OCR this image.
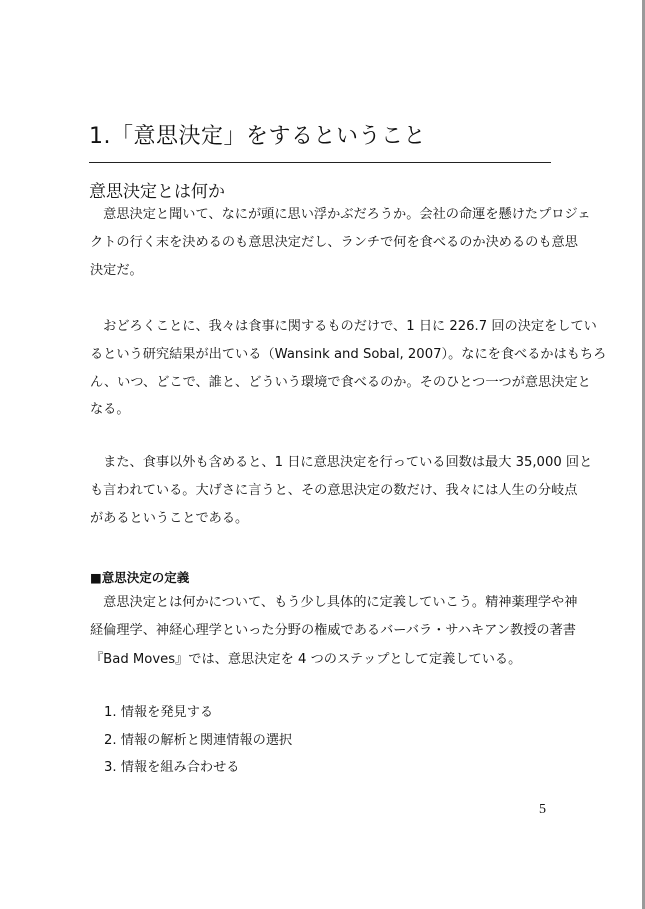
1.「意思決定」をするということ
意思決定とは何か
　意思決定と聞いて、なにが頭に思い浮かぶだろうか。会社の命運を懸けたプロジェ
クトの行く末を決めるのも意思決定だし、ランチで何を食べるのか決めるのも意思
決定だ。
　おどろくことに、我々は食事に関するものだけで、1 日に 226.7 回の決定をしてい
るという研究結果が出ている（Wansink and Sobal, 2007）。なにを食べるかはもちろ
ん、いつ、どこで、誰と、どういう環境で食べるのか。そのひとつ一つが意思決定と
なる。
　また、食事以外も含めると、1 日に意思決定を行っている回数は最大 35,000 回と
も言われている。大げさに言うと、その意思決定の数だけ、我々には人生の分岐点
があるということである。
■意思決定の定義
　意思決定とは何かについて、もう少し具体的に定義していこう。精神薬理学や神
経倫理学、神経心理学といった分野の権威であるバーバラ・サハキアン教授の著書
『Bad Moves』では、意思決定を 4 つのステップとして定義している。
1. 情報を発見する
2. 情報の解析と関連情報の選択
3. 情報を組み合わせる
5
